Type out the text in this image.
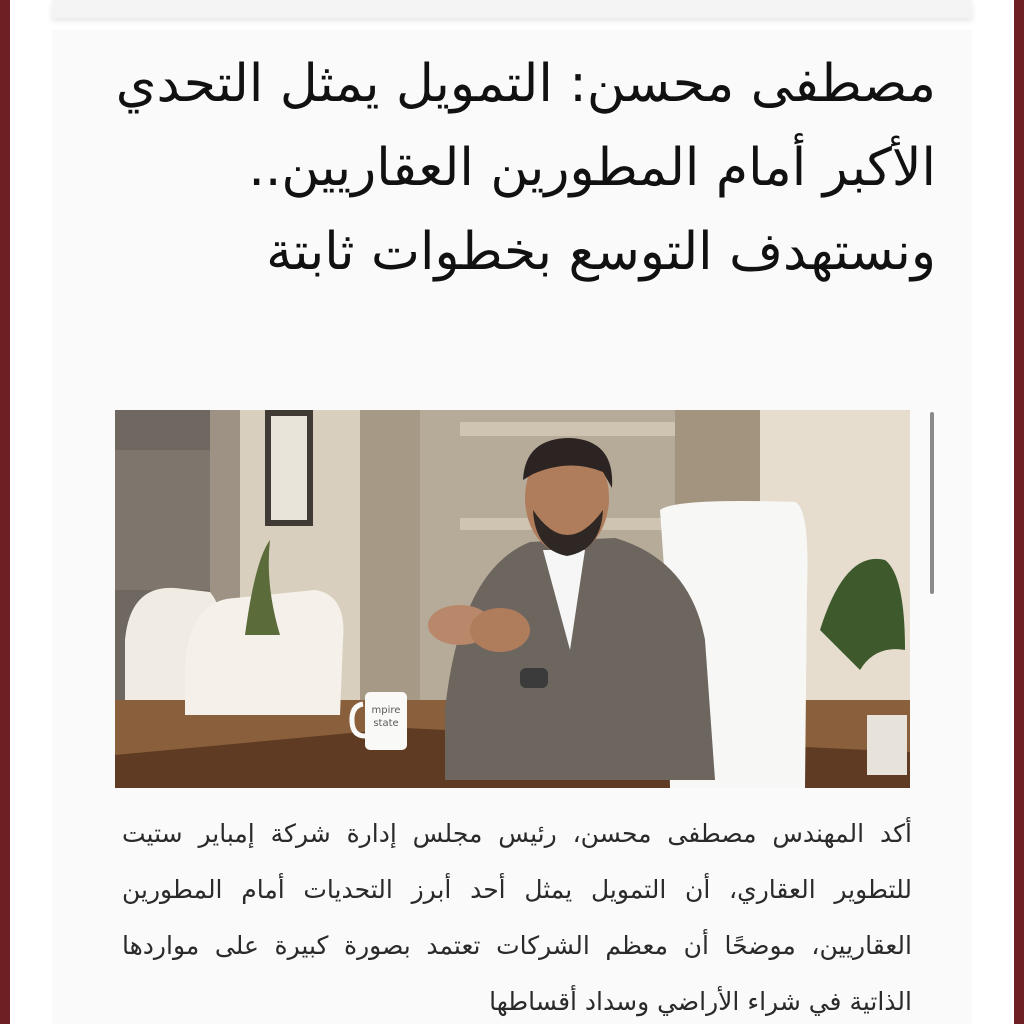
مصطفى محسن: التمويل يمثل التحدي الأكبر أمام المطورين العقاريين.. ونستهدف التوسع بخطوات ثابتة
mpire
state

أكد المهندس مصطفى محسن، رئيس مجلس إدارة شركة إمباير ستيت للتطوير العقاري، أن التمويل يمثل أحد أبرز التحديات أمام المطورين العقاريين، موضحًا أن معظم الشركات تعتمد بصورة كبيرة على مواردها الذاتية في شراء الأراضي وسداد أقساطها
